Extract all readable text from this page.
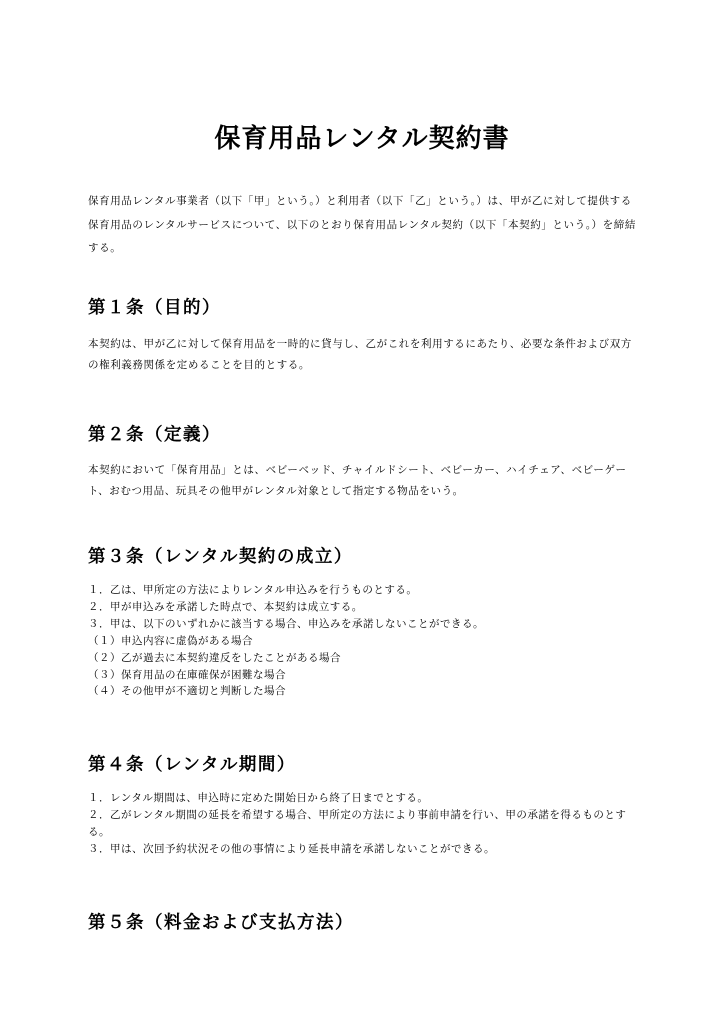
保育用品レンタル契約書

保育用品レンタル事業者（以下「甲」という。）と利用者（以下「乙」という。）は、甲が乙に対して提供する保育用品のレンタルサービスについて、以下のとおり保育用品レンタル契約（以下「本契約」という。）を締結する。

第１条（目的）

本契約は、甲が乙に対して保育用品を一時的に貸与し、乙がこれを利用するにあたり、必要な条件および双方の権利義務関係を定めることを目的とする。

第２条（定義）

本契約において「保育用品」とは、ベビーベッド、チャイルドシート、ベビーカー、ハイチェア、ベビーゲート、おむつ用品、玩具その他甲がレンタル対象として指定する物品をいう。

第３条（レンタル契約の成立）

１．乙は、甲所定の方法によりレンタル申込みを行うものとする。

２．甲が申込みを承諾した時点で、本契約は成立する。

３．甲は、以下のいずれかに該当する場合、申込みを承諾しないことができる。

（１）申込内容に虚偽がある場合

（２）乙が過去に本契約違反をしたことがある場合

（３）保育用品の在庫確保が困難な場合

（４）その他甲が不適切と判断した場合

第４条（レンタル期間）

１．レンタル期間は、申込時に定めた開始日から終了日までとする。

２．乙がレンタル期間の延長を希望する場合、甲所定の方法により事前申請を行い、甲の承諾を得るものとする。

３．甲は、次回予約状況その他の事情により延長申請を承諾しないことができる。

第５条（料金および支払方法）
